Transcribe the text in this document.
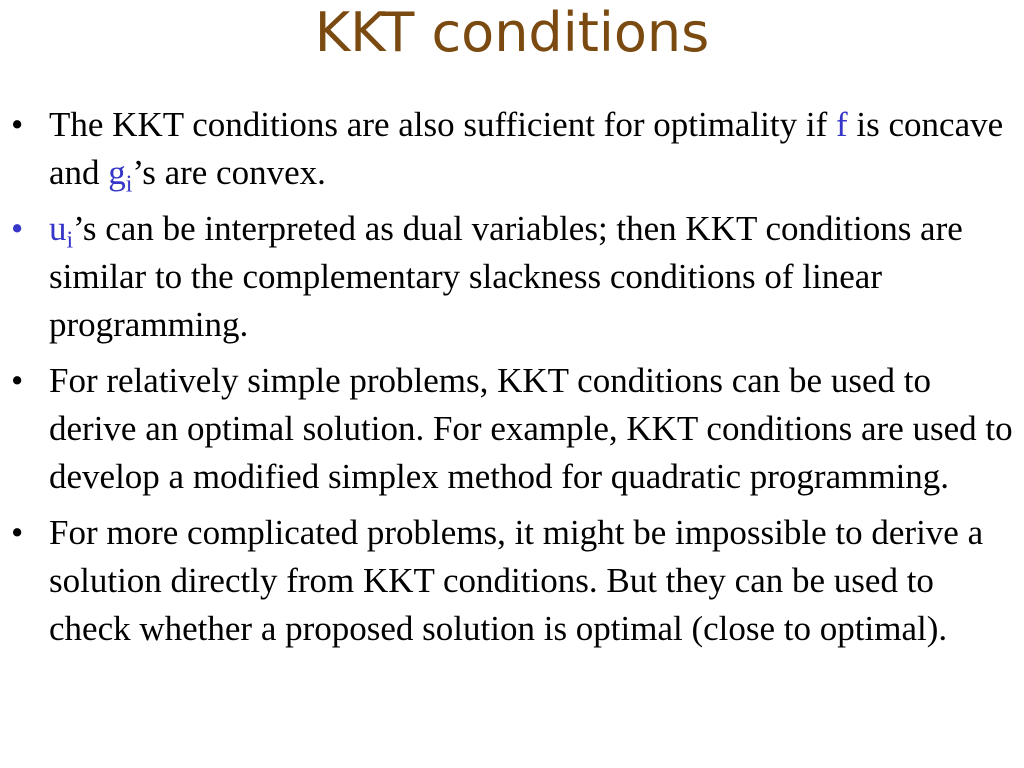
KKT conditions
• The KKT conditions are also sufficient for optimality if f is concave and $g_i’s$ are convex.
• $u_i’s$ can be interpreted as dual variables; then KKT conditions are similar to the complementary slackness conditions of linear programming.
• For relatively simple problems, KKT conditions can be used to derive an optimal solution. For example, KKT conditions are used to develop a modified simplex method for quadratic programming.
• For more complicated problems, it might be impossible to derive a solution directly from KKT conditions. But they can be used to check whether a proposed solution is optimal (close to optimal).
